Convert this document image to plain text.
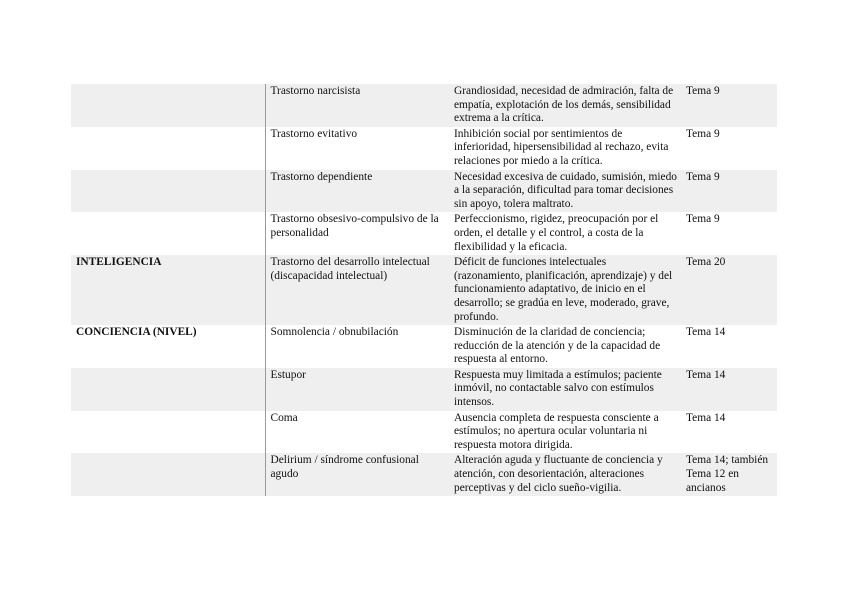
	Trastorno narcisista	Grandiosidad, necesidad de admiración, falta de empatía, explotación de los demás, sensibilidad extrema a la crítica.	Tema 9
	Trastorno evitativo	Inhibición social por sentimientos de inferioridad, hipersensibilidad al rechazo, evita relaciones por miedo a la crítica.	Tema 9
	Trastorno dependiente	Necesidad excesiva de cuidado, sumisión, miedo a la separación, dificultad para tomar decisiones sin apoyo, tolera maltrato.	Tema 9
	Trastorno obsesivo-compulsivo de la personalidad	Perfeccionismo, rigidez, preocupación por el orden, el detalle y el control, a costa de la flexibilidad y la eficacia.	Tema 9
INTELIGENCIA	Trastorno del desarrollo intelectual (discapacidad intelectual)	Déficit de funciones intelectuales (razonamiento, planificación, aprendizaje) y del funcionamiento adaptativo, de inicio en el desarrollo; se gradúa en leve, moderado, grave, profundo.	Tema 20
CONCIENCIA (NIVEL)	Somnolencia / obnubilación	Disminución de la claridad de conciencia; reducción de la atención y de la capacidad de respuesta al entorno.	Tema 14
	Estupor	Respuesta muy limitada a estímulos; paciente inmóvil, no contactable salvo con estímulos intensos.	Tema 14
	Coma	Ausencia completa de respuesta consciente a estímulos; no apertura ocular voluntaria ni respuesta motora dirigida.	Tema 14
	Delirium / síndrome confusional agudo	Alteración aguda y fluctuante de conciencia y atención, con desorientación, alteraciones perceptivas y del ciclo sueño-vigilia.	Tema 14; también Tema 12 en ancianos
